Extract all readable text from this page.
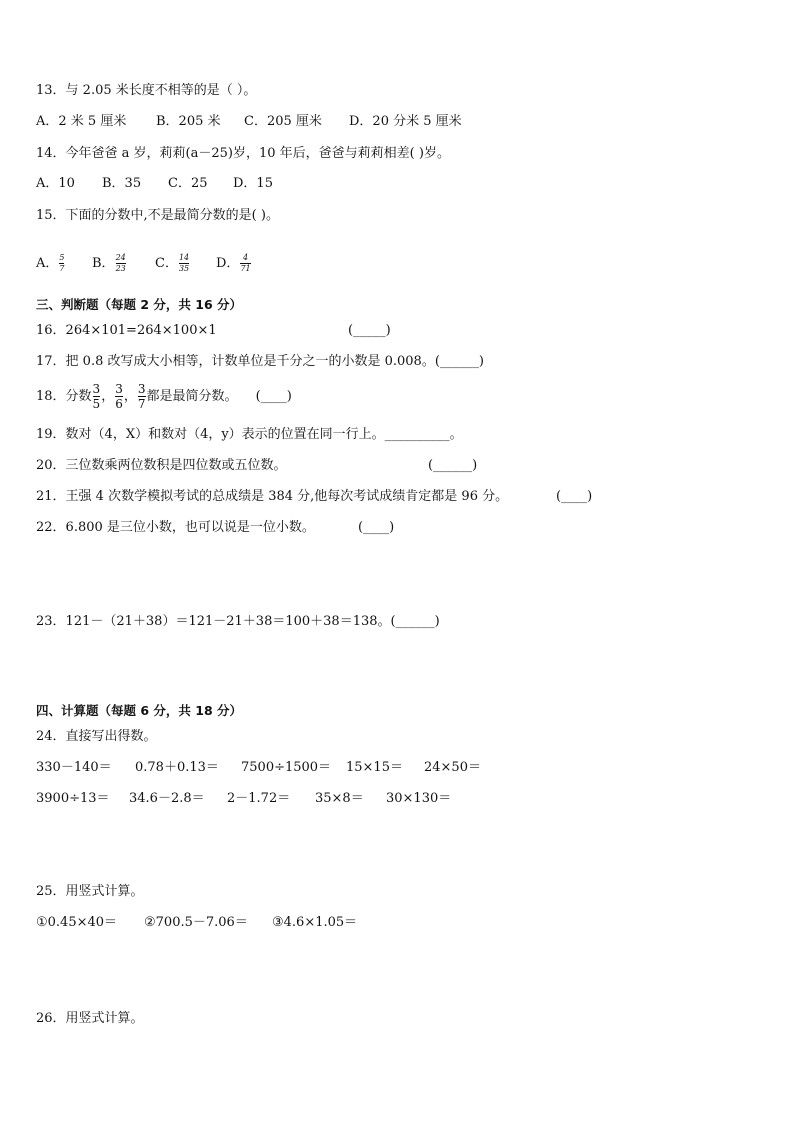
13．与 2.05 米长度不相等的是（ ）。
A．2 米 5 厘米 B．205 米 C．205 厘米 D．20 分米 5 厘米
14．今年爸爸 a 岁，莉莉(a－25)岁，10 年后，爸爸与莉莉相差( )岁。
A．10 B．35 C．25 D．15
15．下面的分数中,不是最简分数的是( )。
A． $\frac{5}{7}$ B． $\frac{24}{23}$ C． $\frac{14}{35}$ D． $\frac{4}{71}$
三、判断题（每题 2 分，共 16 分）
16．264×101=264×100×1	(_____)
17．把 0.8 改写成大小相等，计数单位是千分之一的小数是 0.008。(______)
18．分数 $\frac{3}{5}$ ， $\frac{3}{6}$ ， $\frac{3}{7}$ 都是最简分数。 (____)
19．数对（4，X）和数对（4，y）表示的位置在同一行上。__________。
20．三位数乘两位数积是四位数或五位数。	(______)
21．王强 4 次数学模拟考试的总成绩是 384 分,他每次考试成绩肯定都是 96 分。	(____)
22．6.800 是三位小数，也可以说是一位小数。	(____)
23．121－（21＋38）＝121－21＋38＝100＋38＝138。(______)
四、计算题（每题 6 分，共 18 分）
24．直接写出得数。
330－140＝ 0.78＋0.13＝ 7500÷1500＝ 15×15＝ 24×50＝
3900÷13＝ 34.6－2.8＝ 2－1.72＝ 35×8＝ 30×130＝
25．用竖式计算。
①0.45×40＝ ②700.5－7.06＝ ③4.6×1.05＝
26．用竖式计算。
